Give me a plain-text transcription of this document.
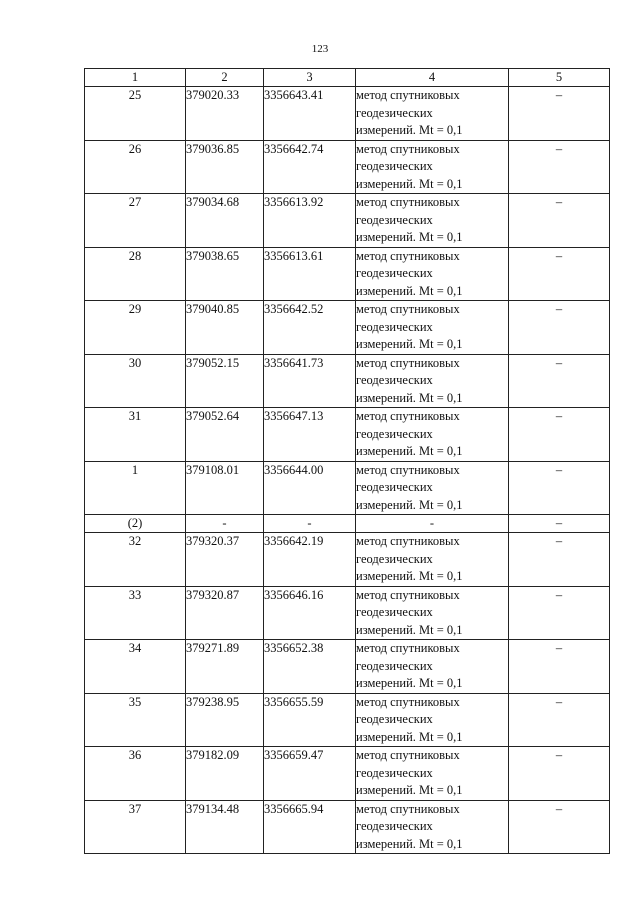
123
1	2	3	4	5
25	379020.33	3356643.41	метод спутниковых
геодезических
измерений. Mt = 0,1	–
26	379036.85	3356642.74	метод спутниковых
геодезических
измерений. Mt = 0,1	–
27	379034.68	3356613.92	метод спутниковых
геодезических
измерений. Mt = 0,1	–
28	379038.65	3356613.61	метод спутниковых
геодезических
измерений. Mt = 0,1	–
29	379040.85	3356642.52	метод спутниковых
геодезических
измерений. Mt = 0,1	–
30	379052.15	3356641.73	метод спутниковых
геодезических
измерений. Mt = 0,1	–
31	379052.64	3356647.13	метод спутниковых
геодезических
измерений. Mt = 0,1	–
1	379108.01	3356644.00	метод спутниковых
геодезических
измерений. Mt = 0,1	–
(2)	-	-	-	–
32	379320.37	3356642.19	метод спутниковых
геодезических
измерений. Mt = 0,1	–
33	379320.87	3356646.16	метод спутниковых
геодезических
измерений. Mt = 0,1	–
34	379271.89	3356652.38	метод спутниковых
геодезических
измерений. Mt = 0,1	–
35	379238.95	3356655.59	метод спутниковых
геодезических
измерений. Mt = 0,1	–
36	379182.09	3356659.47	метод спутниковых
геодезических
измерений. Mt = 0,1	–
37	379134.48	3356665.94	метод спутниковых
геодезических
измерений. Mt = 0,1	–
